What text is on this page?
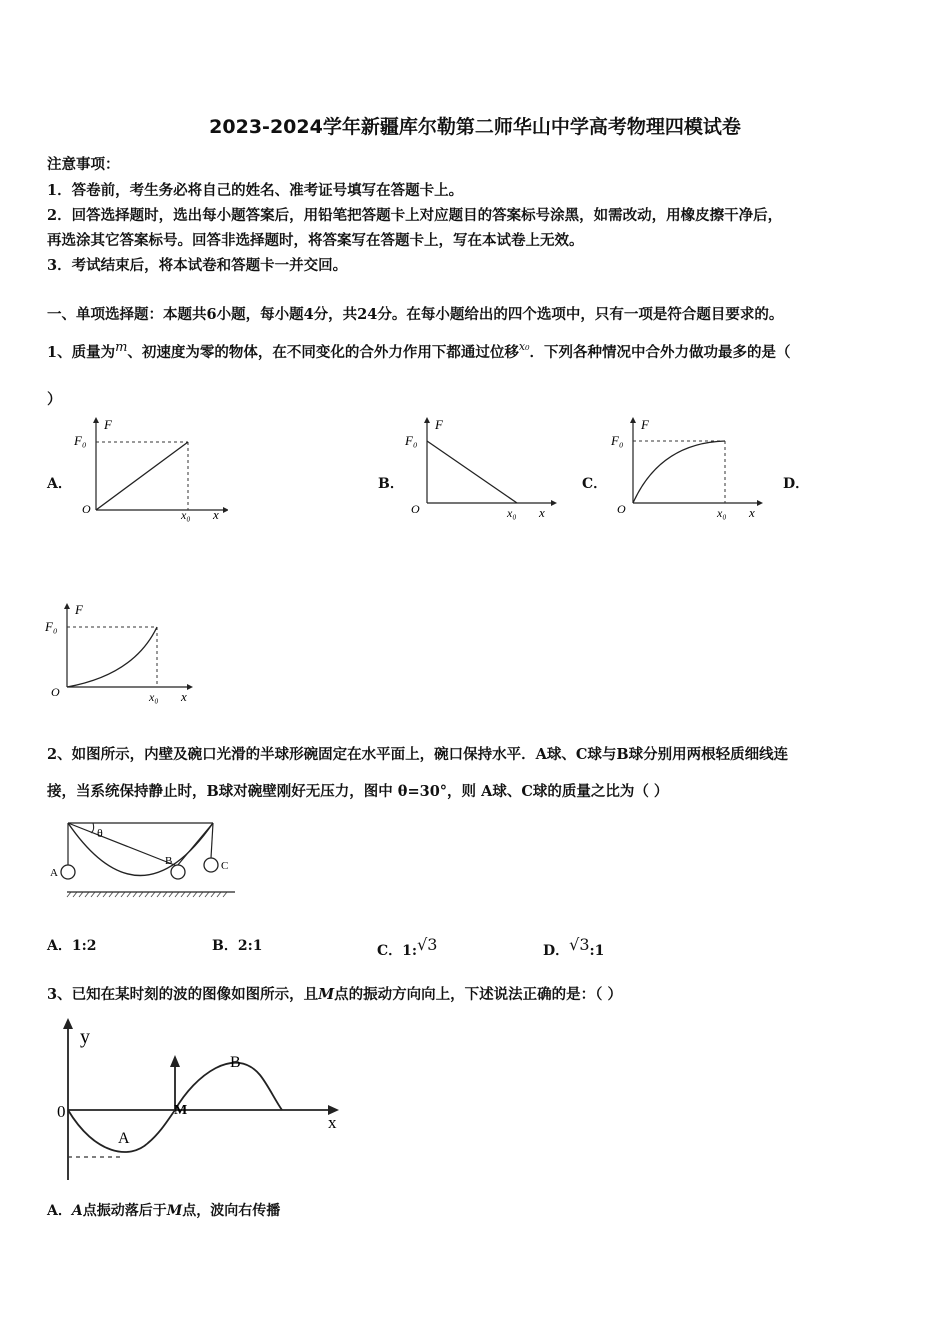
2023-2024学年新疆库尔勒第二师华山中学高考物理四模试卷
注意事项：
1．答卷前，考生务必将自己的姓名、准考证号填写在答题卡上。
2．回答选择题时，选出每小题答案后，用铅笔把答题卡上对应题目的答案标号涂黑，如需改动，用橡皮擦干净后，
再选涂其它答案标号。回答非选择题时，将答案写在答题卡上，写在本试卷上无效。
3．考试结束后，将本试卷和答题卡一并交回。
一、单项选择题：本题共6小题，每小题4分，共24分。在每小题给出的四个选项中，只有一项是符合题目要求的。
1、质量为m、初速度为零的物体，在不同变化的合外力作用下都通过位移$^{x_0}$．下列各种情况中合外力做功最多的是（
）
A．	B．	C．	D．
F
F₀
O	x₀ x
F
F₀
O	x₀ x
F
F₀
O	x₀ x
F
F₀
O	x₀ x
2、如图所示，内壁及碗口光滑的半球形碗固定在水平面上，碗口保持水平．A球、C球与B球分别用两根轻质细线连
接，当系统保持静止时，B球对碗壁刚好无压力，图中 θ=30°，则 A球、C球的质量之比为（ ）
θ
A
B	C
A．1:2	B．2:1	C．1:√3	D．√3:1
3、已知在某时刻的波的图像如图所示，且M点的振动方向向上，下述说法正确的是：（ ）
y
0
x
A
B
M
A．A点振动落后于M点，波向右传播
